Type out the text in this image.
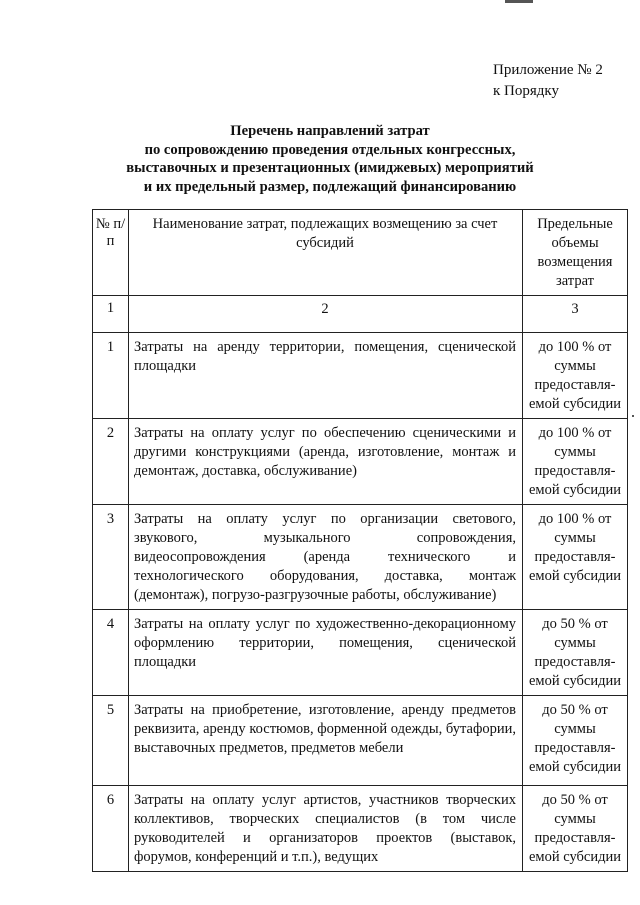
Приложение № 2
к Порядку
Перечень направлений затрат
по сопровождению проведения отдельных конгрессных,
выставочных и презентационных (имиджевых) мероприятий
и их предельный размер, подлежащий финансированию
№ п/п	Наименование затрат, подлежащих возмещению за счет субсидий	Предельные объемы возмещения затрат
1	2	3
1	Затраты на аренду территории, помещения, сценической площадки	до 100 % от суммы предоставля-емой субсидии
2	Затраты на оплату услуг по обеспечению сценическими и другими конструкциями (аренда, изготовление, монтаж и демонтаж, доставка, обслуживание)	до 100 % от суммы предоставля-емой субсидии
3	Затраты на оплату услуг по организации светового, звукового, музыкального сопровождения, видеосопровождения (аренда технического и технологического оборудования, доставка, монтаж (демонтаж), погрузо-разгрузочные работы, обслуживание)	до 100 % от суммы предоставля-емой субсидии
4	Затраты на оплату услуг по художественно-декорационному оформлению территории, помещения, сценической площадки	до 50 % от суммы предоставля-емой субсидии
5	Затраты на приобретение, изготовление, аренду предметов реквизита, аренду костюмов, форменной одежды, бутафории, выставочных предметов, предметов мебели	до 50 % от суммы предоставля-емой субсидии
6	Затраты на оплату услуг артистов, участников творческих коллективов, творческих специалистов (в том числе руководителей и организаторов проектов (выставок, форумов, конференций и т.п.), ведущих	до 50 % от суммы предоставля-емой субсидии
